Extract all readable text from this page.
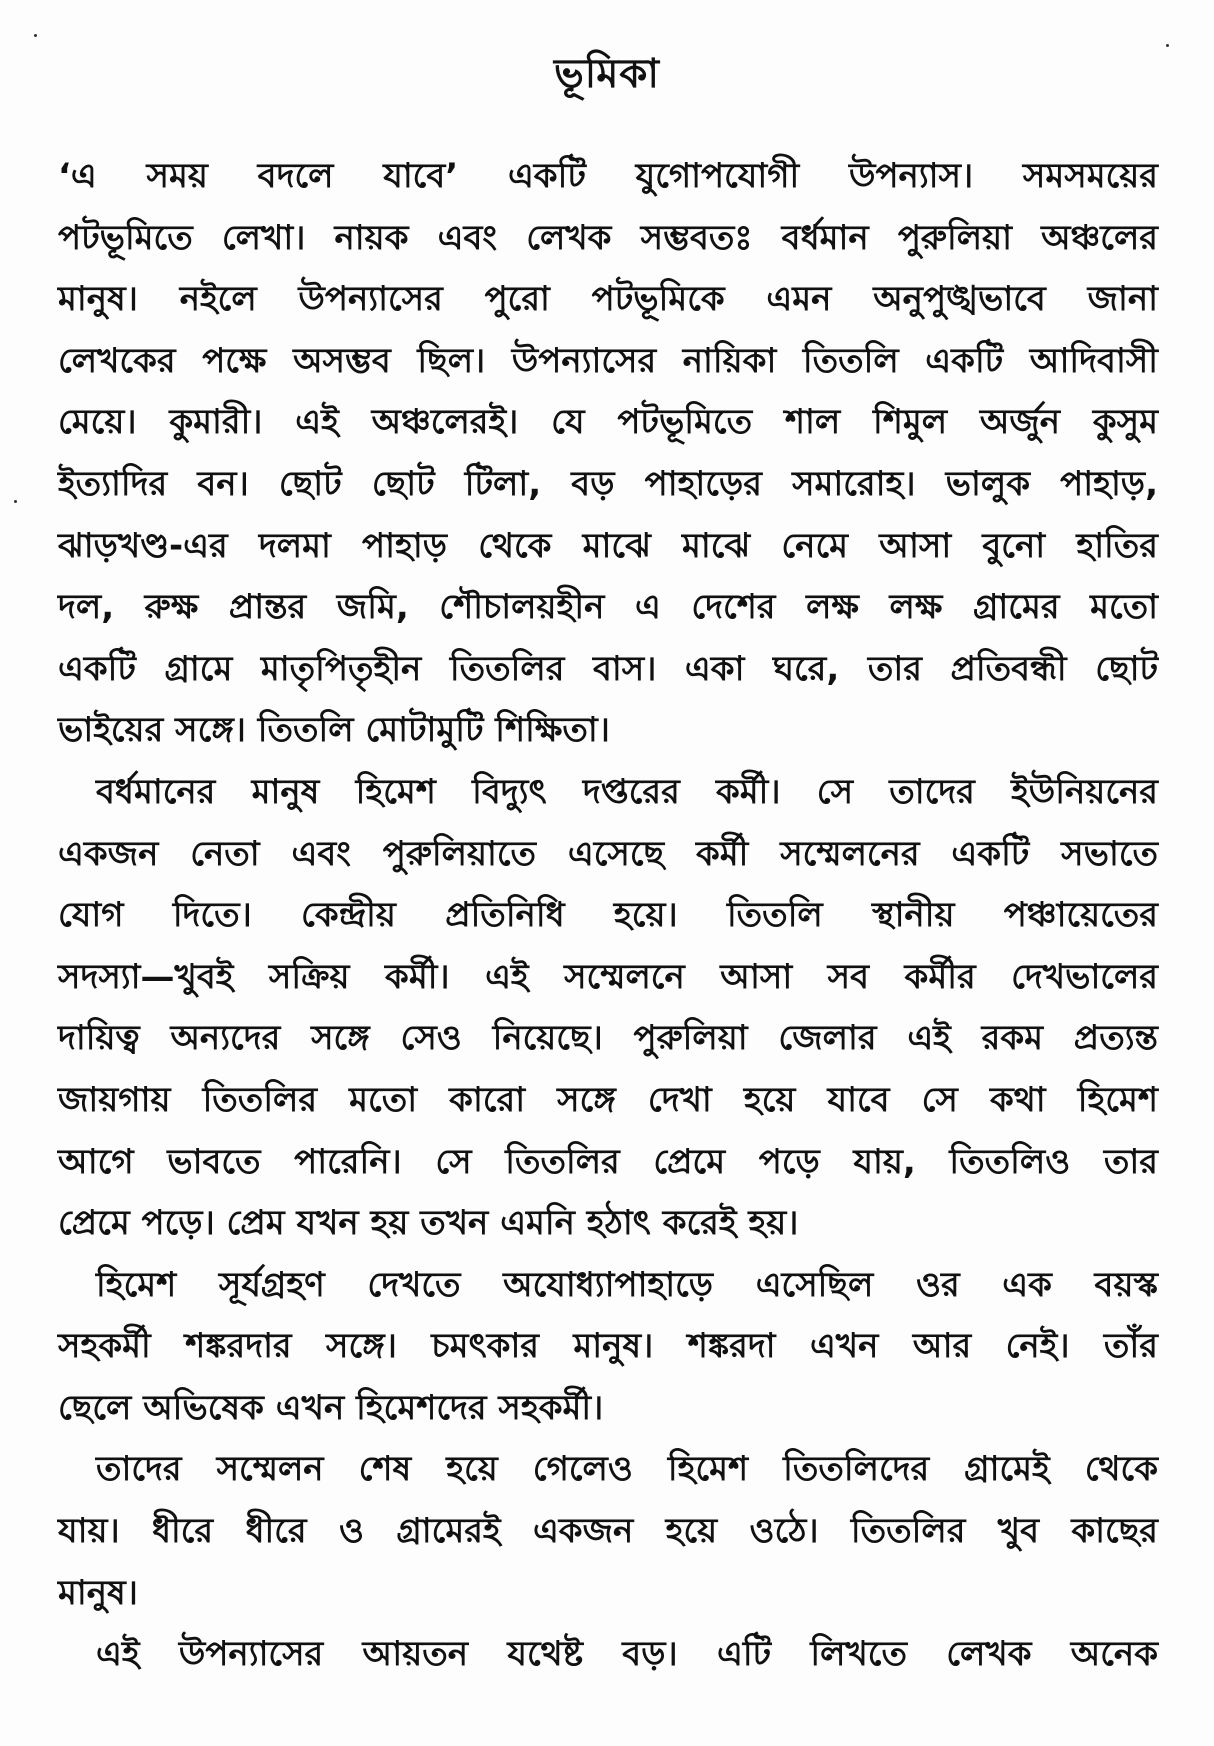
ভূমিকা
‘এ সময় বদলে যাবে’ একটি যুগোপযোগী উপন্যাস। সমসময়ের
পটভূমিতে লেখা। নায়ক এবং লেখক সম্ভবতঃ বর্ধমান পুরুলিয়া অঞ্চলের
মানুষ। নইলে উপন্যাসের পুরো পটভূমিকে এমন অনুপুঙ্খভাবে জানা
লেখকের পক্ষে অসম্ভব ছিল। উপন্যাসের নায়িকা তিতলি একটি আদিবাসী
মেয়ে। কুমারী। এই অঞ্চলেরই। যে পটভূমিতে শাল শিমুল অর্জুন কুসুম
ইত্যাদির বন। ছোট ছোট টিলা, বড় পাহাড়ের সমারোহ। ভালুক পাহাড়,
ঝাড়খণ্ড-এর দলমা পাহাড় থেকে মাঝে মাঝে নেমে আসা বুনো হাতির
দল, রুক্ষ প্রান্তর জমি, শৌচালয়হীন এ দেশের লক্ষ লক্ষ গ্রামের মতো
একটি গ্রামে মাতৃপিতৃহীন তিতলির বাস। একা ঘরে, তার প্রতিবন্ধী ছোট
ভাইয়ের সঙ্গে। তিতলি মোটামুটি শিক্ষিতা।
বর্ধমানের মানুষ হিমেশ বিদ্যুৎ দপ্তরের কর্মী। সে তাদের ইউনিয়নের
একজন নেতা এবং পুরুলিয়াতে এসেছে কর্মী সম্মেলনের একটি সভাতে
যোগ দিতে। কেন্দ্রীয় প্রতিনিধি হয়ে। তিতলি স্থানীয় পঞ্চায়েতের
সদস্যা—খুবই সক্রিয় কর্মী। এই সম্মেলনে আসা সব কর্মীর দেখভালের
দায়িত্ব অন্যদের সঙ্গে সেও নিয়েছে। পুরুলিয়া জেলার এই রকম প্রত্যন্ত
জায়গায় তিতলির মতো কারো সঙ্গে দেখা হয়ে যাবে সে কথা হিমেশ
আগে ভাবতে পারেনি। সে তিতলির প্রেমে পড়ে যায়, তিতলিও তার
প্রেমে পড়ে। প্রেম যখন হয় তখন এমনি হঠাৎ করেই হয়।
হিমেশ সূর্যগ্রহণ দেখতে অযোধ্যাপাহাড়ে এসেছিল ওর এক বয়স্ক
সহকর্মী শঙ্করদার সঙ্গে। চমৎকার মানুষ। শঙ্করদা এখন আর নেই। তাঁর
ছেলে অভিষেক এখন হিমেশদের সহকর্মী।
তাদের সম্মেলন শেষ হয়ে গেলেও হিমেশ তিতলিদের গ্রামেই থেকে
যায়। ধীরে ধীরে ও গ্রামেরই একজন হয়ে ওঠে। তিতলির খুব কাছের
মানুষ।
এই উপন্যাসের আয়তন যথেষ্ট বড়। এটি লিখতে লেখক অনেক
